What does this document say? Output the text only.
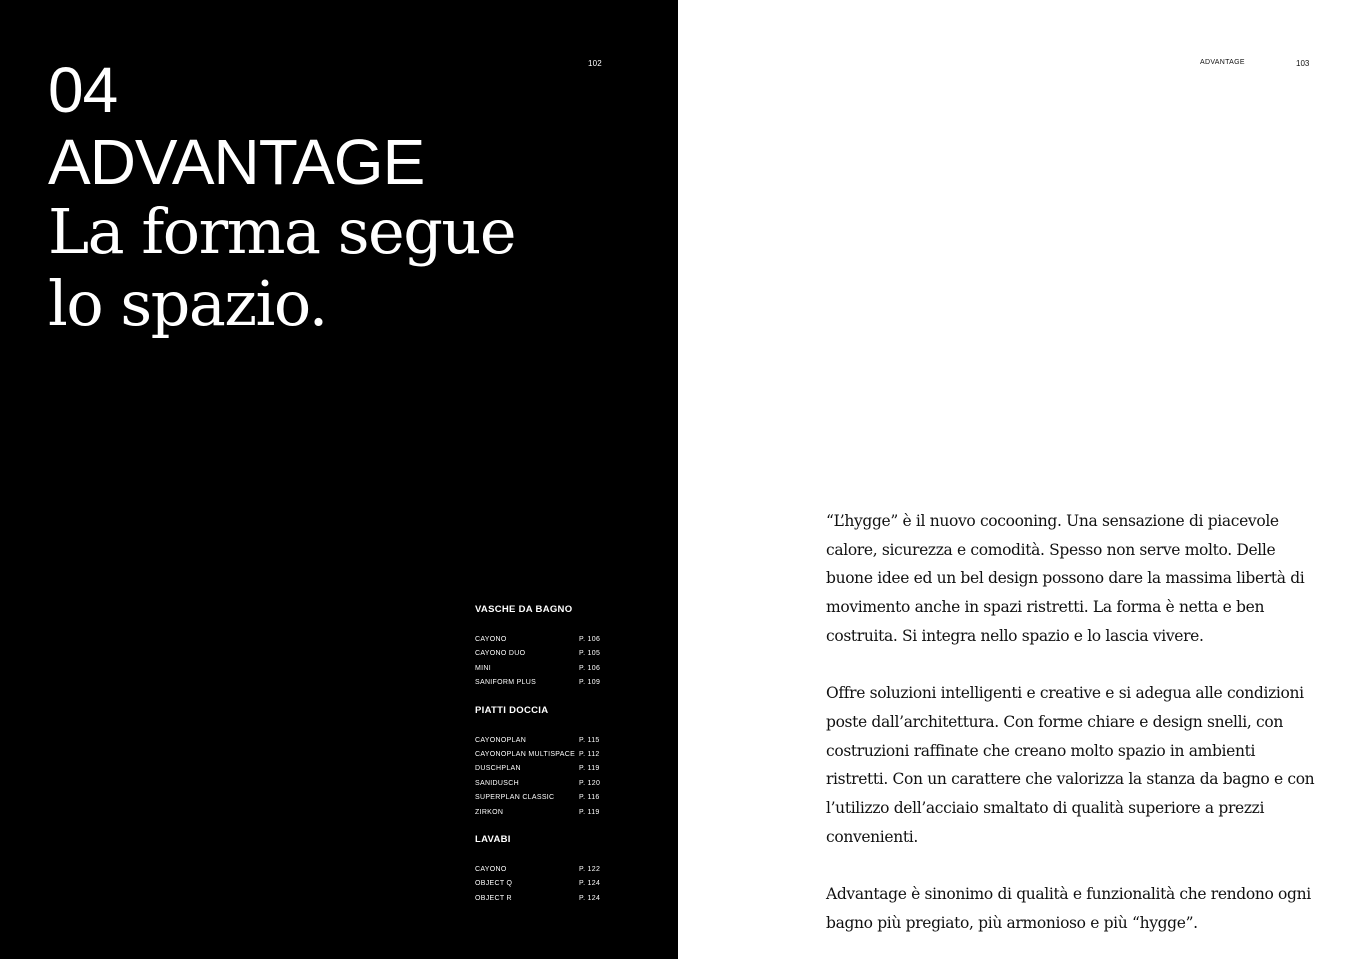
04
ADVANTAGE
La forma segue
lo spazio.
102
VASCHE DA BAGNO
CAYONO	P. 106
CAYONO DUO	P. 105
MINI	P. 106
SANIFORM PLUS	P. 109
PIATTI DOCCIA
CAYONOPLAN	P. 115
CAYONOPLAN MULTISPACE P. 112
DUSCHPLAN	P. 119
SANIDUSCH	P. 120
SUPERPLAN CLASSIC	P. 116
ZIRKON	P. 119
LAVABI
CAYONO	P. 122
OBJECT Q	P. 124
OBJECT R	P. 124
ADVANTAGE	103

“L’hygge” è il nuovo cocooning. Una sensazione di piacevole calore, sicurezza e comodità. Spesso non serve molto. Delle buone idee ed un bel design possono dare la massima libertà di movimento anche in spazi ristretti. La forma è netta e ben costruita. Si integra nello spazio e lo lascia vivere.

Offre soluzioni intelligenti e creative e si adegua alle condizioni poste dall’architettura. Con forme chiare e design snelli, con costruzioni raffinate che creano molto spazio in ambienti ristretti. Con un carattere che valorizza la stanza da bagno e con l’utilizzo dell’acciaio smaltato di qualità superiore a prezzi convenienti.

Advantage è sinonimo di qualità e funzionalità che rendono ogni bagno più pregiato, più armonioso e più “hygge”.
